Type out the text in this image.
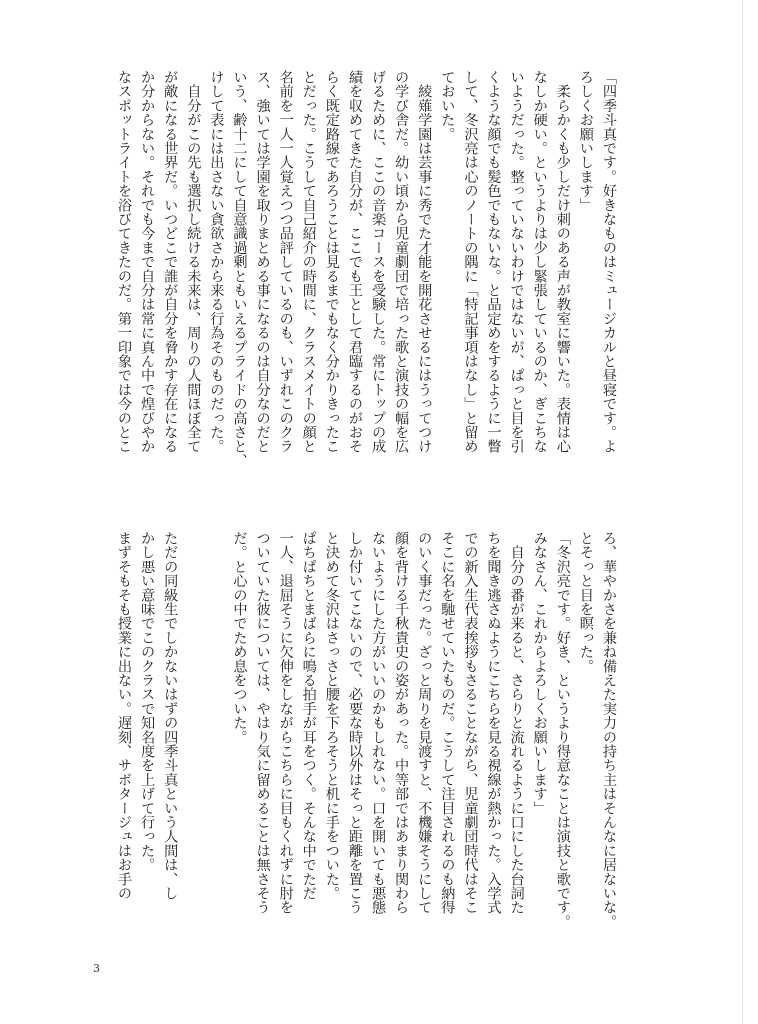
「四季斗真です。好きなものはミュージカルと昼寝です。よ

ろしくお願いします」

　柔らかくも少しだけ刺のある声が教室に響いた。表情は心

なしか硬い。というよりは少し緊張しているのか、ぎこちな

いようだった。整っていないわけではないが、ぱっと目を引

くような顔でも髪色でもないな。と品定めをするように一瞥

して、冬沢亮は心のノートの隅に「特記事項はなし」と留め

ておいた。

　綾薙学園は芸事に秀でた才能を開花させるにはうってつけ

の学び舎だ。幼い頃から児童劇団で培った歌と演技の幅を広

げるために、ここの音楽コースを受験した。常にトップの成

績を収めてきた自分が、ここでも王として君臨するのがおそ

らく既定路線であろうことは見るまでもなく分かりきったこ

とだった。こうして自己紹介の時間に、クラスメイトの顔と

名前を一人一人覚えつつ品評しているのも、いずれこのクラ

ス、強いては学園を取りまとめる事になるのは自分なのだと

いう、齢十二にして自意識過剰ともいえるプライドの高さと、

けして表には出さない貪欲さから来る行為そのものだった。

　自分がこの先も選択し続ける未来は、周りの人間ほぼ全て

が敵になる世界だ。いつどこで誰が自分を脅かす存在になる

か分からない。それでも今まで自分は常に真ん中で煌びやか

なスポットライトを浴びてきたのだ。第一印象では今のとこ

ろ、華やかさを兼ね備えた実力の持ち主はそんなに居ないな。

とそっと目を瞑った。

「冬沢亮です。好き、というより得意なことは演技と歌です。

みなさん、これからよろしくお願いします」

　自分の番が来ると、さらりと流れるように口にした台詞た

ちを聞き逃さぬようにこちらを見る視線が熱かった。入学式

での新入生代表挨拶もさることながら、児童劇団時代はそこ

そこに名を馳せていたものだ。こうして注目されるのも納得

のいく事だった。ざっと周りを見渡すと、不機嫌そうにして

顔を背ける千秋貴史の姿があった。中等部ではあまり関わら

ないようにした方がいいのかもしれない。口を開いても悪態

しか付いてこないので、必要な時以外はそっと距離を置こう

と決めて冬沢はさっさと腰を下ろそうと机に手をついた。

ぱちぱちとまばらに鳴る拍手が耳をつく。そんな中でただ

一人、退屈そうに欠伸をしながらこちらに目もくれずに肘を

ついていた彼については、やはり気に留めることは無さそう

だ。と心の中でため息をついた。

ただの同級生でしかないはずの四季斗真という人間は、し

かし悪い意味でこのクラスで知名度を上げて行った。

まずそもそも授業に出ない。遅刻、サボタージュはお手の

3
